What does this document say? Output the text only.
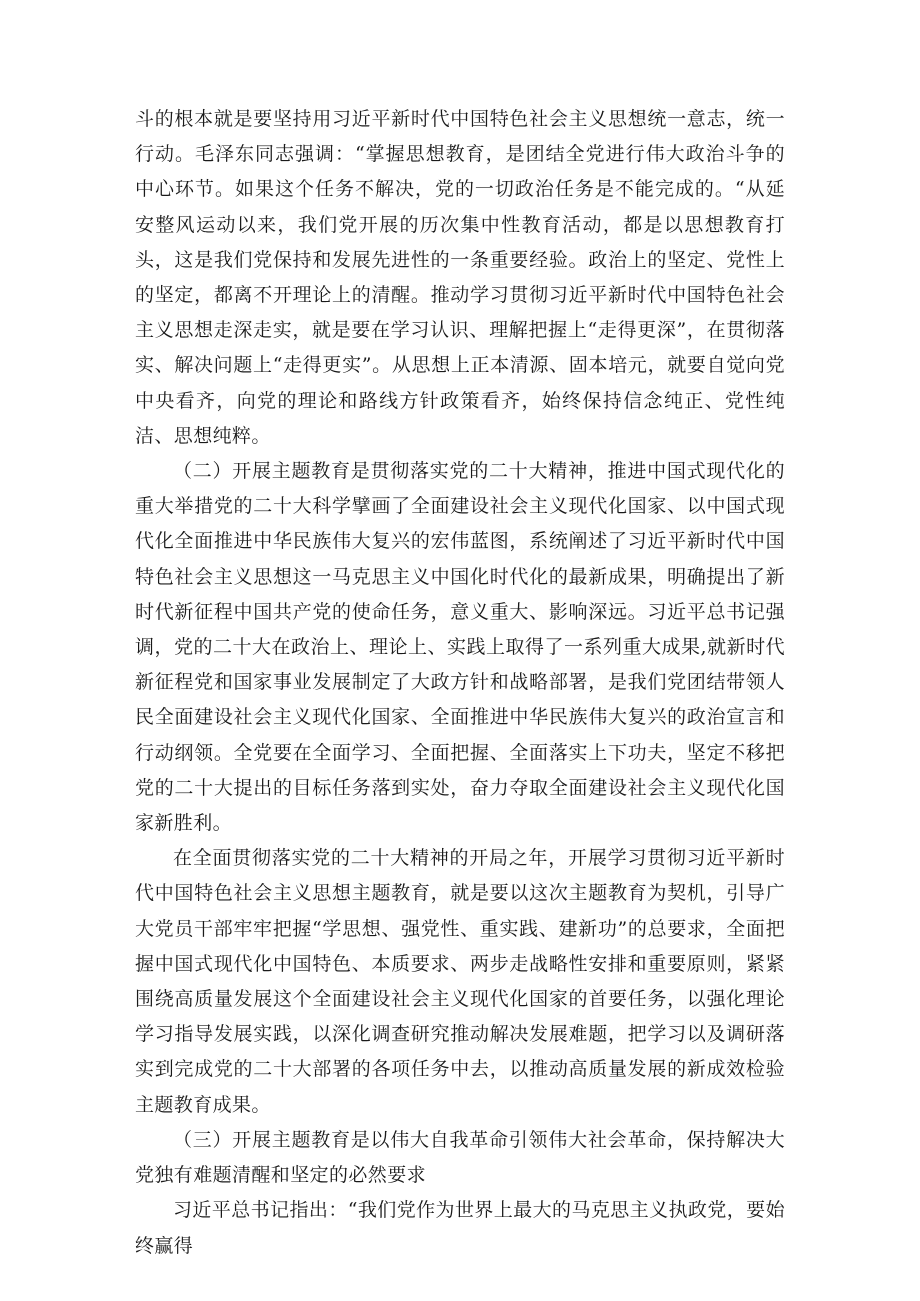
斗的根本就是要坚持用习近平新时代中国特色社会主义思想统一意志，统一行动。毛泽东同志强调：“掌握思想教育，是团结全党进行伟大政治斗争的中心环节。如果这个任务不解决，党的一切政治任务是不能完成的。“从延安整风运动以来，我们党开展的历次集中性教育活动，都是以思想教育打头，这是我们党保持和发展先进性的一条重要经验。政治上的坚定、党性上的坚定，都离不开理论上的清醒。推动学习贯彻习近平新时代中国特色社会主义思想走深走实，就是要在学习认识、理解把握上“走得更深”，在贯彻落实、解决问题上“走得更实”。从思想上正本清源、固本培元，就要自觉向党中央看齐，向党的理论和路线方针政策看齐，始终保持信念纯正、党性纯洁、思想纯粹。

（二）开展主题教育是贯彻落实党的二十大精神，推进中国式现代化的重大举措党的二十大科学擘画了全面建设社会主义现代化国家、以中国式现代化全面推进中华民族伟大复兴的宏伟蓝图，系统阐述了习近平新时代中国特色社会主义思想这一马克思主义中国化时代化的最新成果，明确提出了新时代新征程中国共产党的使命任务，意义重大、影响深远。习近平总书记强调，党的二十大在政治上、理论上、实践上取得了一系列重大成果,就新时代新征程党和国家事业发展制定了大政方针和战略部署，是我们党团结带领人民全面建设社会主义现代化国家、全面推进中华民族伟大复兴的政治宣言和行动纲领。全党要在全面学习、全面把握、全面落实上下功夫，坚定不移把党的二十大提出的目标任务落到实处，奋力夺取全面建设社会主义现代化国家新胜利。

在全面贯彻落实党的二十大精神的开局之年，开展学习贯彻习近平新时代中国特色社会主义思想主题教育，就是要以这次主题教育为契机，引导广大党员干部牢牢把握“学思想、强党性、重实践、建新功”的总要求，全面把握中国式现代化中国特色、本质要求、两步走战略性安排和重要原则，紧紧围绕高质量发展这个全面建设社会主义现代化国家的首要任务，以强化理论学习指导发展实践，以深化调查研究推动解决发展难题，把学习以及调研落实到完成党的二十大部署的各项任务中去，以推动高质量发展的新成效检验主题教育成果。

（三）开展主题教育是以伟大自我革命引领伟大社会革命，保持解决大党独有难题清醒和坚定的必然要求

习近平总书记指出：“我们党作为世界上最大的马克思主义执政党，要始终赢得
